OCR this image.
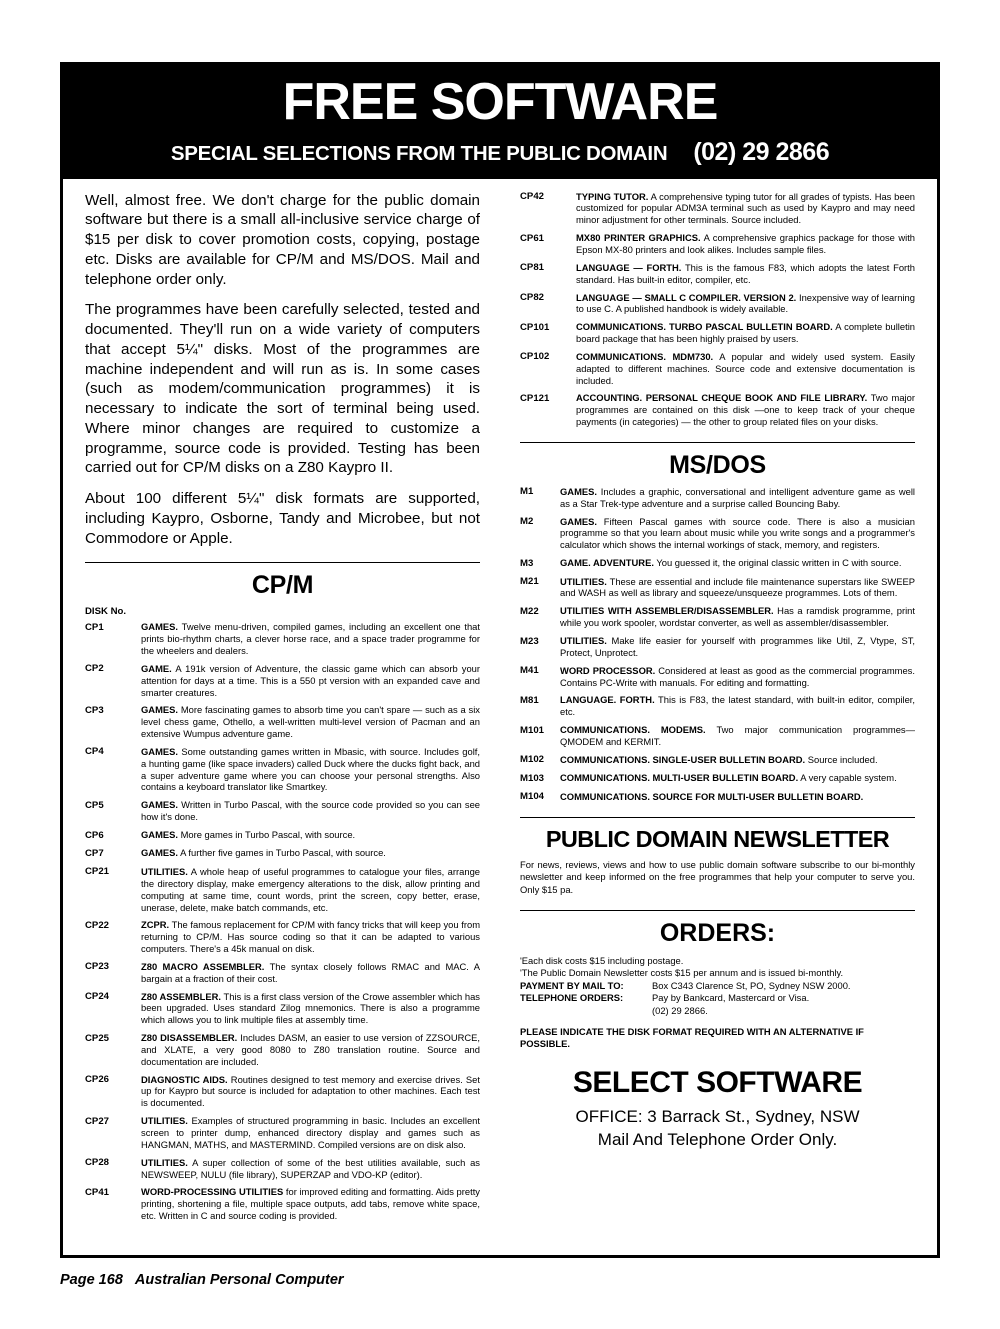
FREE SOFTWARE
SPECIAL SELECTIONS FROM THE PUBLIC DOMAIN (02) 29 2866

Well, almost free. We don't charge for the public domain software but there is a small all-inclusive service charge of $15 per disk to cover promotion costs, copying, postage etc. Disks are available for CP/M and MS/DOS. Mail and telephone order only.

The programmes have been carefully selected, tested and documented. They'll run on a wide variety of computers that accept 5¼" disks. Most of the programmes are machine independent and will run as is. In some cases (such as modem/communication programmes) it is necessary to indicate the sort of terminal being used. Where minor changes are required to customize a programme, source code is provided. Testing has been carried out for CP/M disks on a Z80 Kaypro II.

About 100 different 5¼" disk formats are supported, including Kaypro, Osborne, Tandy and Microbee, but not Commodore or Apple.

CP/M
DISK No.
CP1	GAMES. Twelve menu-driven, compiled games, including an excellent one that prints bio-rhythm charts, a clever horse race, and a space trader programme for the wheelers and dealers.
CP2	GAME. A 191k version of Adventure, the classic game which can absorb your attention for days at a time. This is a 550 pt version with an expanded cave and smarter creatures.
CP3	GAMES. More fascinating games to absorb time you can't spare — such as a six level chess game, Othello, a well-written multi-level version of Pacman and an extensive Wumpus adventure game.
CP4	GAMES. Some outstanding games written in Mbasic, with source. Includes golf, a hunting game (like space invaders) called Duck where the ducks fight back, and a super adventure game where you can choose your personal strengths. Also contains a keyboard translator like Smartkey.
CP5	GAMES. Written in Turbo Pascal, with the source code provided so you can see how it's done.
CP6	GAMES. More games in Turbo Pascal, with source.
CP7	GAMES. A further five games in Turbo Pascal, with source.
CP21	UTILITIES. A whole heap of useful programmes to catalogue your files, arrange the directory display, make emergency alterations to the disk, allow printing and computing at same time, count words, print the screen, copy better, erase, unerase, delete, make batch commands, etc.
CP22	ZCPR. The famous replacement for CP/M with fancy tricks that will keep you from returning to CP/M. Has source coding so that it can be adapted to various computers. There's a 45k manual on disk.
CP23	Z80 MACRO ASSEMBLER. The syntax closely follows RMAC and MAC. A bargain at a fraction of their cost.
CP24	Z80 ASSEMBLER. This is a first class version of the Crowe assembler which has been upgraded. Uses standard Zilog mnemonics. There is also a programme which allows you to link multiple files at assembly time.
CP25	Z80 DISASSEMBLER. Includes DASM, an easier to use version of ZZSOURCE, and XLATE, a very good 8080 to Z80 translation routine. Source and documentation are included.
CP26	DIAGNOSTIC AIDS. Routines designed to test memory and exercise drives. Set up for Kaypro but source is included for adaptation to other machines. Each test is documented.
CP27	UTILITIES. Examples of structured programming in basic. Includes an excellent screen to printer dump, enhanced directory display and games such as HANGMAN, MATHS, and MASTERMIND. Compiled versions are on disk also.
CP28	UTILITIES. A super collection of some of the best utilities available, such as NEWSWEEP, NULU (file library), SUPERZAP and VDO-KP (editor).
CP41	WORD-PROCESSING UTILITIES for improved editing and formatting. Aids pretty printing, shortening a file, multiple space outputs, add tabs, remove white space, etc. Written in C and source coding is provided.
CP42	TYPING TUTOR. A comprehensive typing tutor for all grades of typists. Has been customized for popular ADM3A terminal such as used by Kaypro and may need minor adjustment for other terminals. Source included.
CP61	MX80 PRINTER GRAPHICS. A comprehensive graphics package for those with Epson MX-80 printers and look alikes. Includes sample files.
CP81	LANGUAGE — FORTH. This is the famous F83, which adopts the latest Forth standard. Has built-in editor, compiler, etc.
CP82	LANGUAGE — SMALL C COMPILER. VERSION 2. Inexpensive way of learning to use C. A published handbook is widely available.
CP101	COMMUNICATIONS. TURBO PASCAL BULLETIN BOARD. A complete bulletin board package that has been highly praised by users.
CP102	COMMUNICATIONS. MDM730. A popular and widely used system. Easily adapted to different machines. Source code and extensive documentation is included.
CP121	ACCOUNTING. PERSONAL CHEQUE BOOK AND FILE LIBRARY. Two major programmes are contained on this disk —one to keep track of your cheque payments (in categories) — the other to group related files on your disks.
MS/DOS
M1	GAMES. Includes a graphic, conversational and intelligent adventure game as well as a Star Trek-type adventure and a surprise called Bouncing Baby.
M2	GAMES. Fifteen Pascal games with source code. There is also a musician programme so that you learn about music while you write songs and a programmer's calculator which shows the internal workings of stack, memory, and registers.
M3	GAME. ADVENTURE. You guessed it, the original classic written in C with source.
M21	UTILITIES. These are essential and include file maintenance superstars like SWEEP and WASH as well as library and squeeze/unsqueeze programmes. Lots of them.
M22	UTILITIES WITH ASSEMBLER/DISASSEMBLER. Has a ramdisk programme, print while you work spooler, wordstar converter, as well as assembler/disassembler.
M23	UTILITIES. Make life easier for yourself with programmes like Util, Z, Vtype, ST, Protect, Unprotect.
M41	WORD PROCESSOR. Considered at least as good as the commercial programmes. Contains PC-Write with manuals. For editing and formatting.
M81	LANGUAGE. FORTH. This is F83, the latest standard, with built-in editor, compiler, etc.
M101	COMMUNICATIONS. MODEMS. Two major communication programmes—QMODEM and KERMIT.
M102	COMMUNICATIONS. SINGLE-USER BULLETIN BOARD. Source included.
M103	COMMUNICATIONS. MULTI-USER BULLETIN BOARD. A very capable system.
M104	COMMUNICATIONS. SOURCE FOR MULTI-USER BULLETIN BOARD.
PUBLIC DOMAIN NEWSLETTER
For news, reviews, views and how to use public domain software subscribe to our bi-monthly newsletter and keep informed on the free programmes that help your computer to serve you. Only $15 pa.
ORDERS:
'Each disk costs $15 including postage.
'The Public Domain Newsletter costs $15 per annum and is issued bi-monthly.
PAYMENT BY MAIL TO:	Box C343 Clarence St, PO, Sydney NSW 2000.
TELEPHONE ORDERS:	Pay by Bankcard, Mastercard or Visa.
(02) 29 2866.
PLEASE INDICATE THE DISK FORMAT REQUIRED WITH AN ALTERNATIVE IF POSSIBLE.
SELECT SOFTWARE
OFFICE: 3 Barrack St., Sydney, NSW
Mail And Telephone Order Only.
Page 168 Australian Personal Computer
